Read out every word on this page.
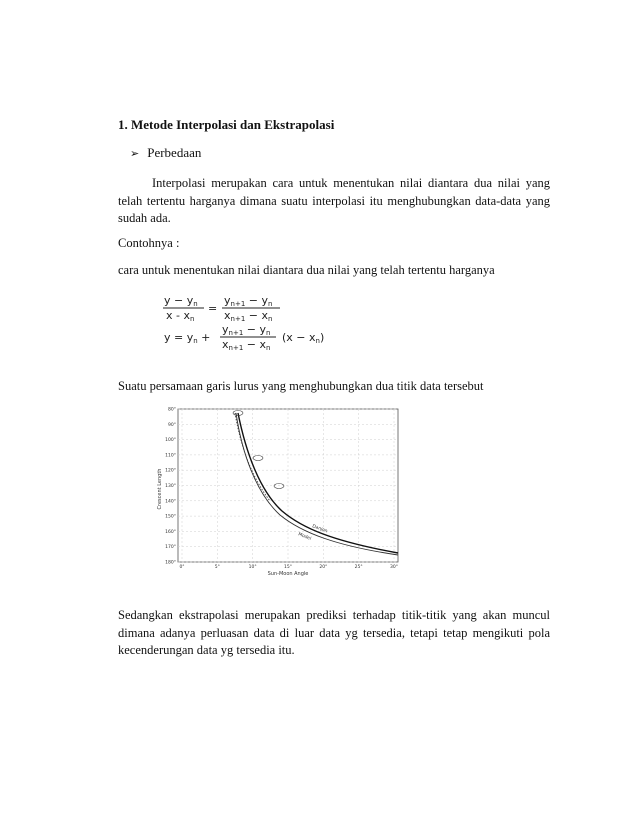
1. Metode Interpolasi dan Ekstrapolasi
➢ Perbedaan
Interpolasi merupakan cara untuk menentukan nilai diantara dua nilai yang telah tertentu harganya dimana suatu interpolasi itu menghubungkan data-data yang sudah ada.
Contohnya :
cara untuk menentukan nilai diantara dua nilai yang telah tertentu harganya
y − yn
x - xn
=
yn+1 − yn
xn+1 − xn
y = yn +
yn+1 − yn
xn+1 − xn
(x − xn)
Suatu persamaan garis lurus yang menghubungkan dua titik data tersebut
80°
90°
100°
110°
120°
130°
140°
150°
160°
170°
180°
0°	5°	10°	15°	20°	25°	30°
Crescent Length
Sun-Moon Angle
Danjon
Model
Sedangkan ekstrapolasi merupakan prediksi terhadap titik-titik yang akan muncul dimana adanya perluasan data di luar data yg tersedia, tetapi tetap mengikuti pola kecenderungan data yg tersedia itu.
